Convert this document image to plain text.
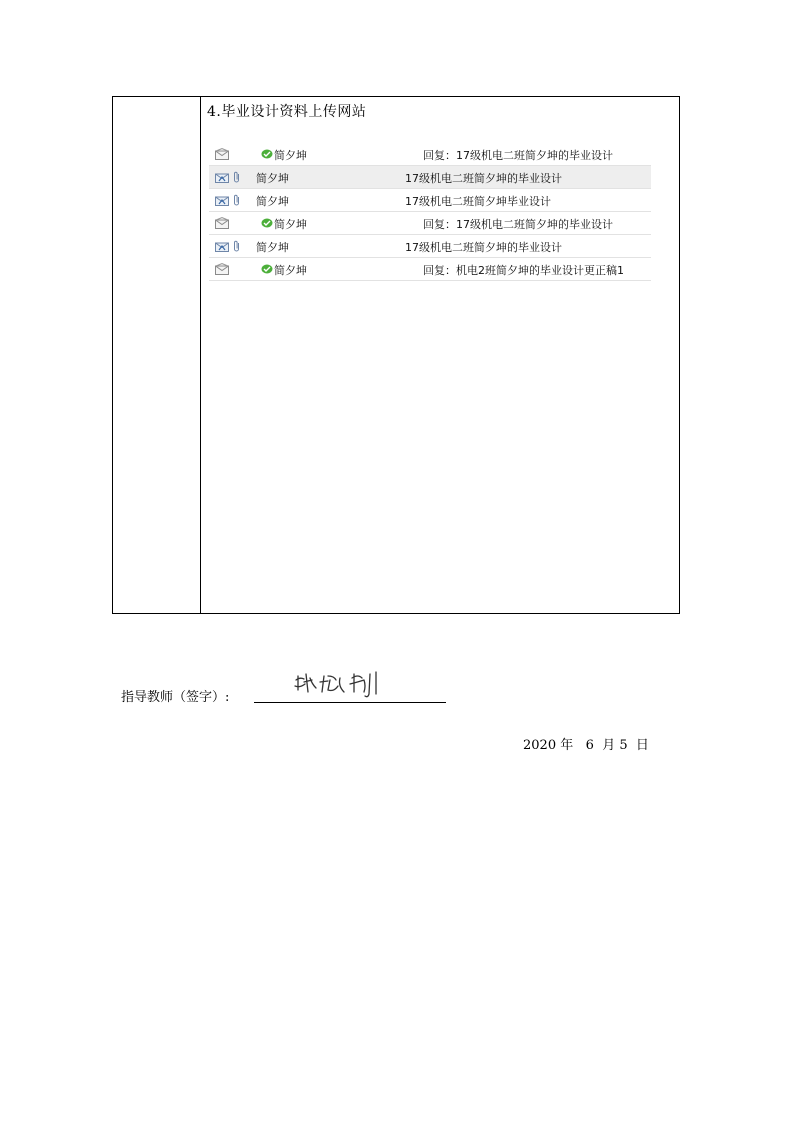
4.毕业设计资料上传网站
简夕坤	回复：17级机电二班简夕坤的毕业设计
简夕坤	17级机电二班简夕坤的毕业设计
简夕坤	17级机电二班简夕坤毕业设计
简夕坤	回复：17级机电二班简夕坤的毕业设计
简夕坤	17级机电二班简夕坤的毕业设计
简夕坤	回复：机电2班简夕坤的毕业设计更正稿1
指导教师（签字）:
2020 年 6 月 5 日
